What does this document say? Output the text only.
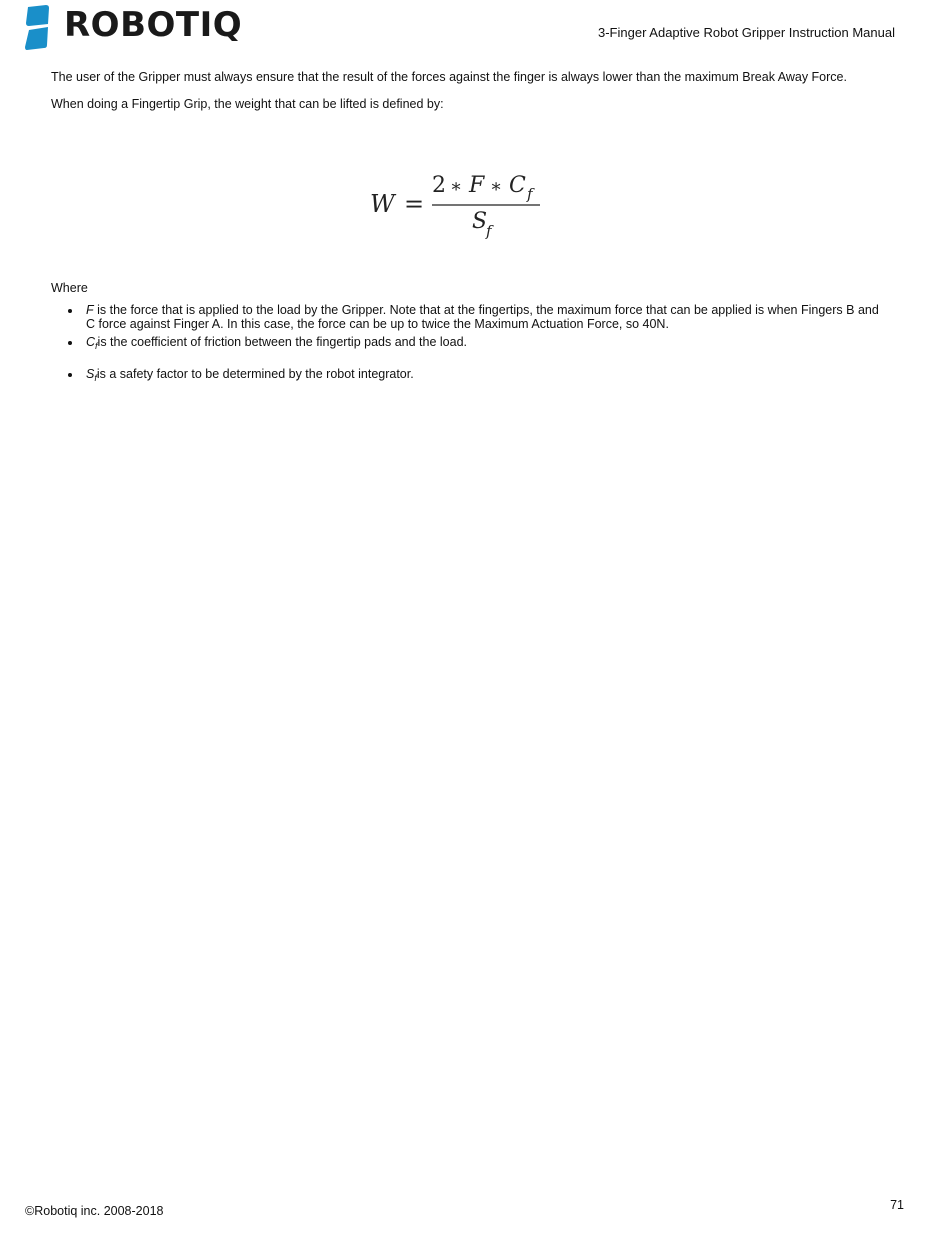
ROBOTIQ	3-Finger Adaptive Robot Gripper Instruction Manual

The user of the Gripper must always ensure that the result of the forces against the finger is always lower than the maximum Break Away Force.

When doing a Fingertip Grip, the weight that can be lifted is defined by:

W =
2 ∗ F ∗ C f
S
f
Where
F is the force that is applied to the load by the Gripper. Note that at the fingertips, the maximum force that can be applied is when Fingers B and C force against Finger A. In this case, the force can be up to twice the Maximum Actuation Force, so 40N.
$C_fis$ the coefficient of friction between the fingertip pads and the load.
$S_fis$ a safety factor to be determined by the robot integrator.
©Robotiq inc. 2008-2018	71
